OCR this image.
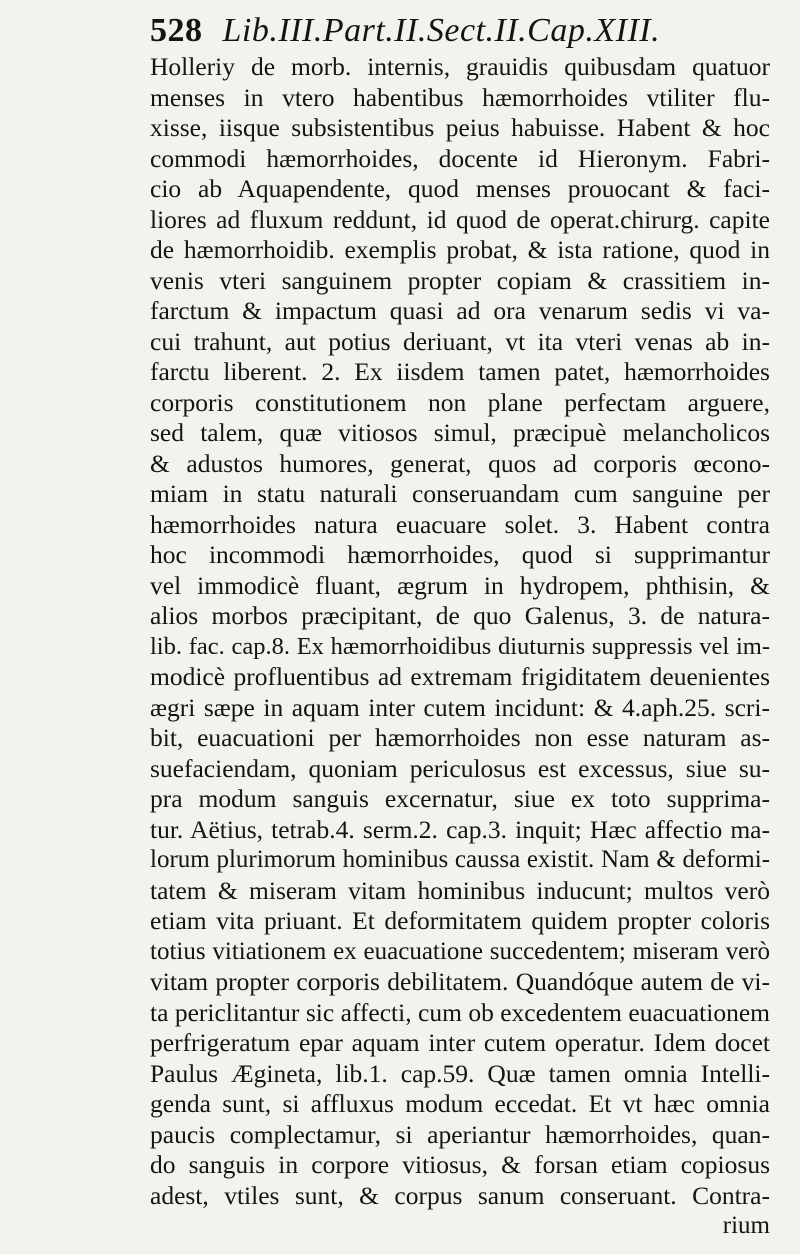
528 Lib.III.Part.II.Sect.II.Cap.XIII.
Holleriy de morb. internis, grauidis quibusdam quatuor
menses in vtero habentibus hæmorrhoides vtiliter flu-
xisse, iisque subsistentibus peius habuisse. Habent & hoc
commodi hæmorrhoides, docente id Hieronym. Fabri-
cio ab Aquapendente, quod menses prouocant & faci-
liores ad fluxum reddunt, id quod de operat.chirurg. capite
de hæmorrhoidib. exemplis probat, & ista ratione, quod in
venis vteri sanguinem propter copiam & crassitiem in-
farctum & impactum quasi ad ora venarum sedis vi va-
cui trahunt, aut potius deriuant, vt ita vteri venas ab in-
farctu liberent. 2. Ex iisdem tamen patet, hæmorrhoides
corporis constitutionem non plane perfectam arguere,
sed talem, quæ vitiosos simul, præcipuè melancholicos
& adustos humores, generat, quos ad corporis œcono-
miam in statu naturali conseruandam cum sanguine per
hæmorrhoides natura euacuare solet. 3. Habent contra
hoc incommodi hæmorrhoides, quod si supprimantur
vel immodicè fluant, ægrum in hydropem, phthisin, &
alios morbos præcipitant, de quo Galenus, 3. de natura-
lib. fac. cap.8. Ex hæmorrhoidibus diuturnis suppressis vel im-
modicè profluentibus ad extremam frigiditatem deuenientes
ægri sæpe in aquam inter cutem incidunt: & 4.aph.25. scri-
bit, euacuationi per hæmorrhoides non esse naturam as-
suefaciendam, quoniam periculosus est excessus, siue su-
pra modum sanguis excernatur, siue ex toto supprima-
tur. Aëtius, tetrab.4. serm.2. cap.3. inquit; Hæc affectio ma-
lorum plurimorum hominibus caussa existit. Nam & deformi-
tatem & miseram vitam hominibus inducunt; multos verò
etiam vita priuant. Et deformitatem quidem propter coloris
totius vitiationem ex euacuatione succedentem; miseram verò
vitam propter corporis debilitatem. Quandóque autem de vi-
ta periclitantur sic affecti, cum ob excedentem euacuationem
perfrigeratum epar aquam inter cutem operatur. Idem docet
Paulus Ægineta, lib.1. cap.59. Quæ tamen omnia Intelli-
genda sunt, si affluxus modum eccedat. Et vt hæc omnia
paucis complectamur, si aperiantur hæmorrhoides, quan-
do sanguis in corpore vitiosus, & forsan etiam copiosus
adest, vtiles sunt, & corpus sanum conseruant. Contra-
rium
